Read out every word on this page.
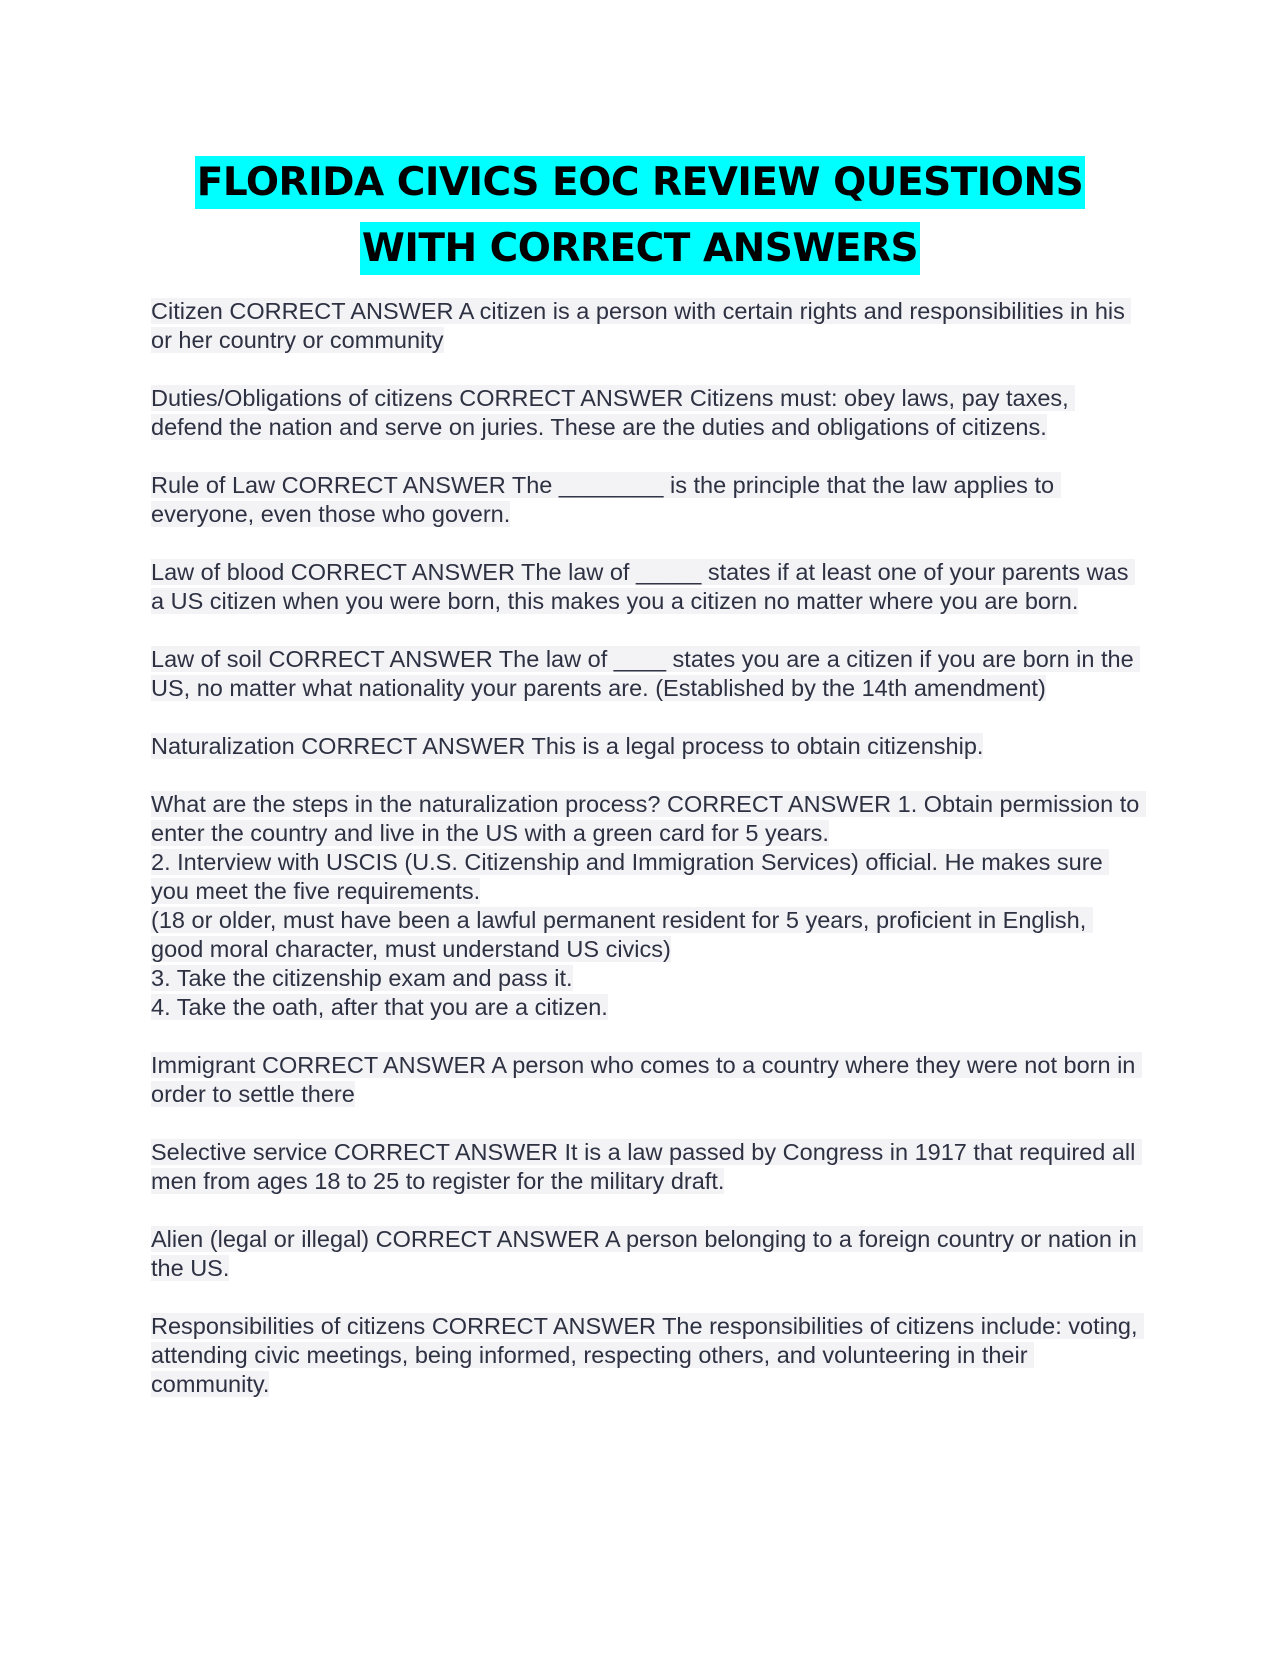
FLORIDA CIVICS EOC REVIEW QUESTIONS
WITH CORRECT ANSWERS

Citizen CORRECT ANSWER A citizen is a person with certain rights and responsibilities in his or her country or community

Duties/Obligations of citizens CORRECT ANSWER Citizens must: obey laws, pay taxes, defend the nation and serve on juries. These are the duties and obligations of citizens.

Rule of Law CORRECT ANSWER The ________ is the principle that the law applies to everyone, even those who govern.

Law of blood CORRECT ANSWER The law of _____ states if at least one of your parents was a US citizen when you were born, this makes you a citizen no matter where you are born.

Law of soil CORRECT ANSWER The law of ____ states you are a citizen if you are born in the US, no matter what nationality your parents are. (Established by the 14th amendment)

Naturalization CORRECT ANSWER This is a legal process to obtain citizenship.

What are the steps in the naturalization process? CORRECT ANSWER 1. Obtain permission to enter the country and live in the US with a green card for 5 years.
2. Interview with USCIS (U.S. Citizenship and Immigration Services) official. He makes sure you meet the five requirements.
(18 or older, must have been a lawful permanent resident for 5 years, proficient in English, good moral character, must understand US civics)
3. Take the citizenship exam and pass it.
4. Take the oath, after that you are a citizen.

Immigrant CORRECT ANSWER A person who comes to a country where they were not born in order to settle there

Selective service CORRECT ANSWER It is a law passed by Congress in 1917 that required all men from ages 18 to 25 to register for the military draft.

Alien (legal or illegal) CORRECT ANSWER A person belonging to a foreign country or nation in the US.

Responsibilities of citizens CORRECT ANSWER The responsibilities of citizens include: voting, attending civic meetings, being informed, respecting others, and volunteering in their community.
